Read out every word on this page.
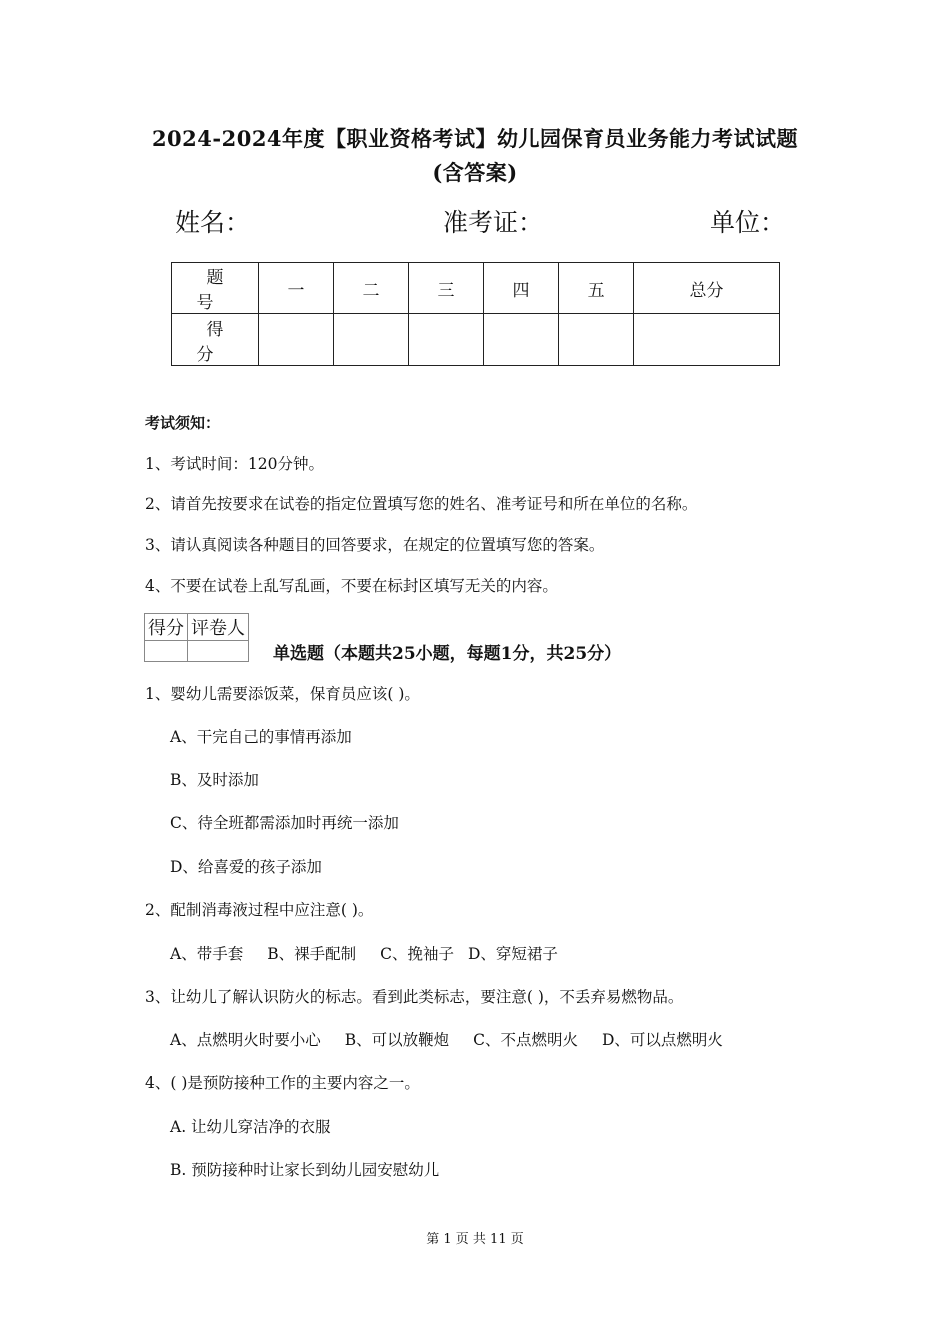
2024-2024年度【职业资格考试】幼儿园保育员业务能力考试试题
(含答案)
姓名：	准考证：	单位：
题号	一	二	三	四	五	总分
得分						
考试须知：
1、考试时间：120分钟。
2、请首先按要求在试卷的指定位置填写您的姓名、准考证号和所在单位的名称。
3、请认真阅读各种题目的回答要求，在规定的位置填写您的答案。
4、不要在试卷上乱写乱画，不要在标封区填写无关的内容。
得分	评卷人

单选题（本题共25小题，每题1分，共25分）
1、婴幼儿需要添饭菜，保育员应该( )。
A、干完自己的事情再添加
B、及时添加
C、待全班都需添加时再统一添加
D、给喜爱的孩子添加
2、配制消毒液过程中应注意( )。
A、带手套 B、裸手配制 C、挽袖子 D、穿短裙子
3、让幼儿了解认识防火的标志。看到此类标志，要注意( )，不丢弃易燃物品。
A、点燃明火时要小心 B、可以放鞭炮 C、不点燃明火 D、可以点燃明火
4、( )是预防接种工作的主要内容之一。
A. 让幼儿穿洁净的衣服
B. 预防接种时让家长到幼儿园安慰幼儿
第 1 页 共 11 页
